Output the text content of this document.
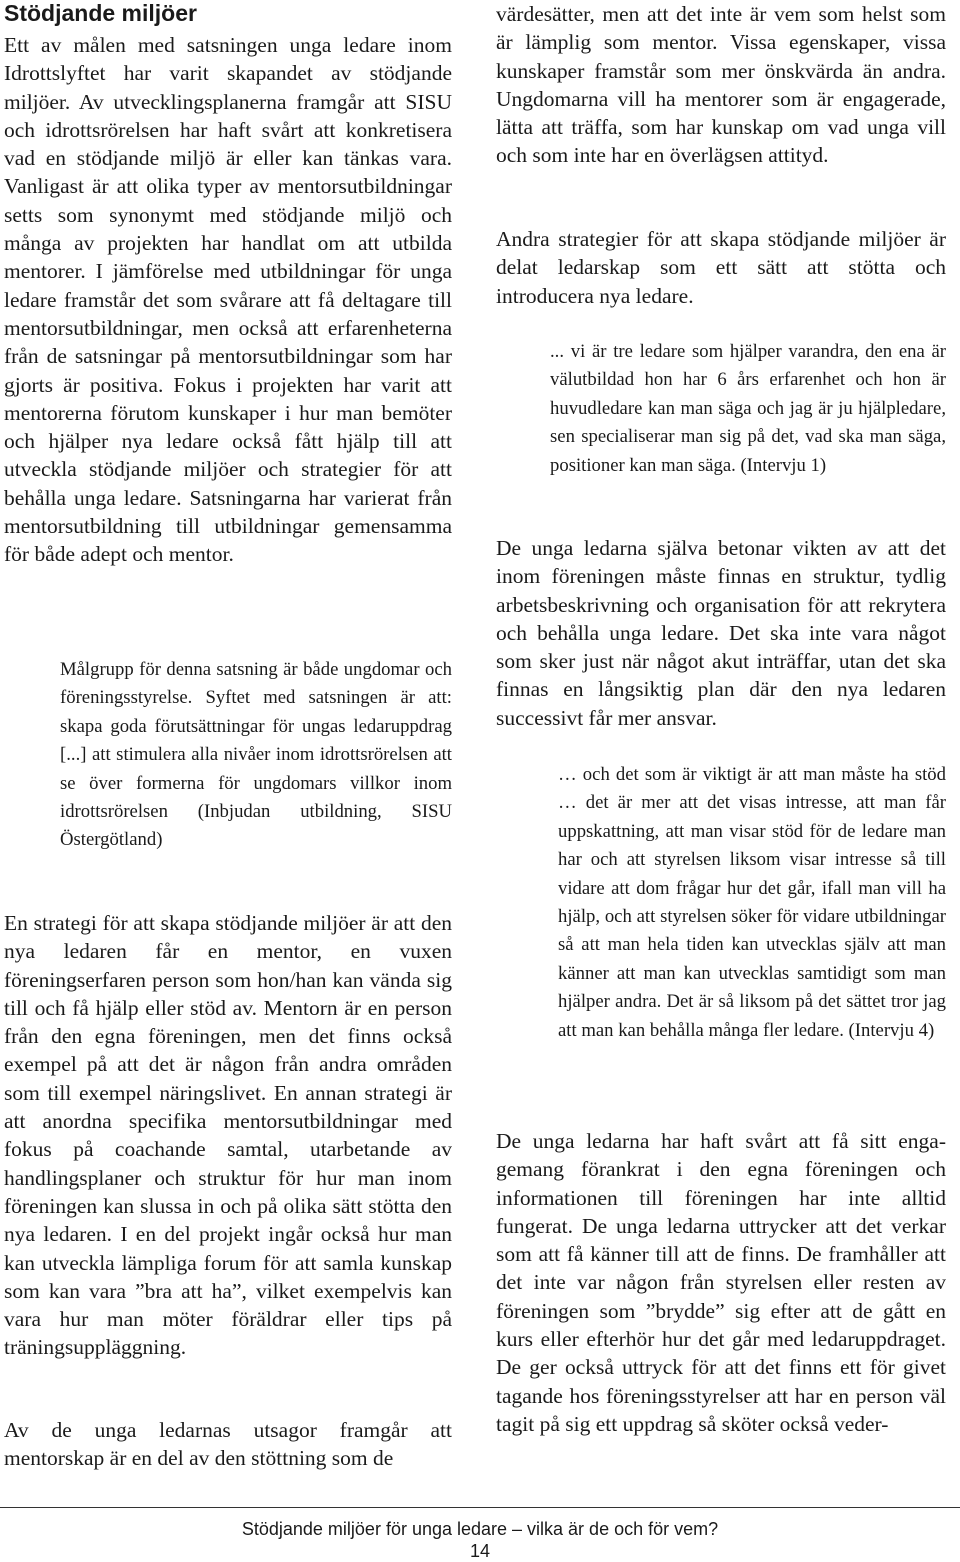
Stödjande miljöer

Ett av målen med satsningen unga ledare inom Idrottslyftet har varit skapandet av stödjande miljöer. Av utvecklingsplanerna framgår att SISU och idrottsrörelsen har haft svårt att konkretisera vad en stödjande miljö är eller kan tänkas vara. Vanligast är att olika typer av mentorsutbildningar setts som synonymt med stödjande miljö och många av projekten har handlat om att utbilda mentorer. I jämförelse med utbildningar för unga ledare framstår det som svårare att få deltagare till mentorsutbildningar, men också att erfarenheterna från de satsningar på mentorsutbildningar som har gjorts är positiva. Fokus i projekten har varit att mentorerna förutom kunskaper i hur man bemöter och hjälper nya ledare också fått hjälp till att utveckla stödjande miljöer och strategier för att behålla unga ledare. Satsningarna har varierat från mentorsutbildning till utbildningar gemensamma för både adept och mentor.

Målgrupp för denna satsning är både ungdomar och föreningsstyrelse. Syftet med satsningen är att: skapa goda förutsättningar för ungas ledaruppdrag [...] att stimulera alla nivåer inom idrottsrörelsen att se över formerna för ungdomars villkor inom idrottsrörelsen (Inbjudan utbildning, SISU Östergötland)

En strategi för att skapa stödjande miljöer är att den nya ledaren får en mentor, en vuxen föreningserfaren person som hon/han kan vända sig till och få hjälp eller stöd av. Mentorn är en person från den egna föreningen, men det finns också exempel på att det är någon från andra områden som till exempel näringslivet. En annan strategi är att anordna specifika mentorsutbildningar med fokus på coachande samtal, utarbetande av handlingsplaner och struktur för hur man inom föreningen kan slussa in och på olika sätt stötta den nya ledaren. I en del projekt ingår också hur man kan utveckla lämpliga forum för att samla kunskap som kan vara ”bra att ha”, vilket exempelvis kan vara hur man möter föräldrar eller tips på träningsuppläggning.

Av de unga ledarnas utsagor framgår att mentorskap är en del av den stöttning som de

värdesätter, men att det inte är vem som helst som är lämplig som mentor. Vissa egenskaper, vissa kunskaper framstår som mer önskvärda än andra. Ungdomarna vill ha mentorer som är engagerade, lätta att träffa, som har kunskap om vad unga vill och som inte har en överlägsen attityd.

Andra strategier för att skapa stödjande miljöer är delat ledarskap som ett sätt att stötta och introducera nya ledare.

... vi är tre ledare som hjälper varandra, den ena är välutbildad hon har 6 års erfarenhet och hon är huvudledare kan man säga och jag är ju hjälpledare, sen specialiserar man sig på det, vad ska man säga, positioner kan man säga. (Intervju 1)

De unga ledarna själva betonar vikten av att det inom föreningen måste finnas en struktur, tydlig arbetsbeskrivning och organisation för att rekrytera och behålla unga ledare. Det ska inte vara något som sker just när något akut inträffar, utan det ska finnas en långsiktig plan där den nya ledaren successivt får mer ansvar.

… och det som är viktigt är att man måste ha stöd … det är mer att det visas intresse, att man får uppskattning, att man visar stöd för de ledare man har och att styrelsen liksom visar intresse så till vidare att dom frågar hur det går, ifall man vill ha hjälp, och att styrelsen söker för vidare utbildningar så att man hela tiden kan utvecklas själv att man känner att man kan utvecklas samtidigt som man hjälper andra. Det är så liksom på det sättet tror jag att man kan behålla många fler ledare. (Intervju 4)

De unga ledarna har haft svårt att få sitt engagemang förankrat i den egna föreningen och informationen till föreningen har inte alltid fungerat. De unga ledarna uttrycker att det verkar som att få känner till att de finns. De framhåller att det inte var någon från styrelsen eller resten av föreningen som ”brydde” sig efter att de gått en kurs eller efterhör hur det går med ledaruppdraget. De ger också uttryck för att det finns ett för givet tagande hos föreningsstyrelser att har en person väl tagit på sig ett uppdrag så sköter också veder-

Stödjande miljöer för unga ledare – vilka är de och för vem?
14
